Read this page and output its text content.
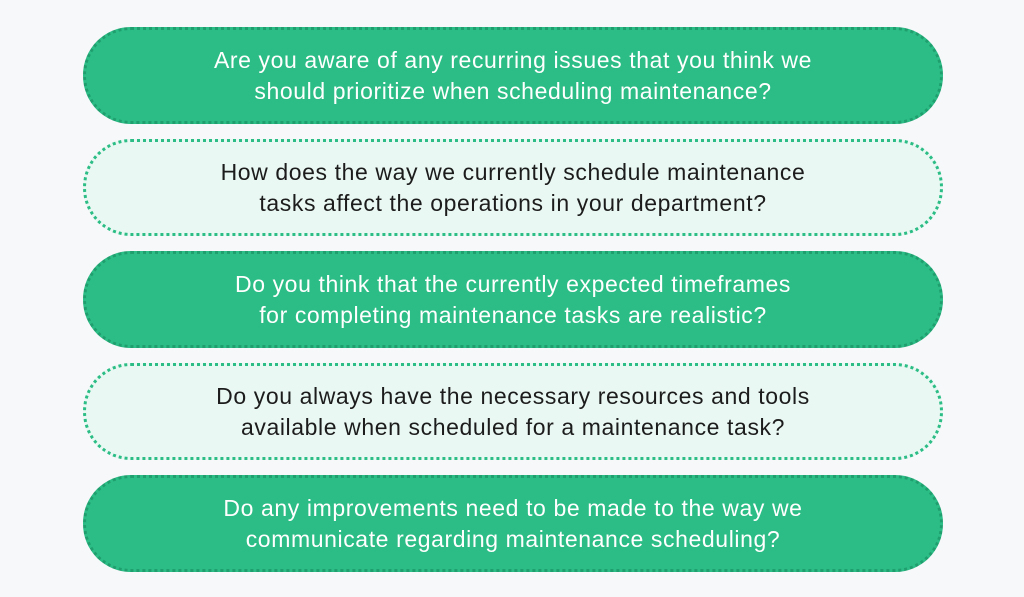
Are you aware of any recurring issues that you think we
should prioritize when scheduling maintenance?
How does the way we currently schedule maintenance
tasks affect the operations in your department?
Do you think that the currently expected timeframes
for completing maintenance tasks are realistic?
Do you always have the necessary resources and tools
available when scheduled for a maintenance task?
Do any improvements need to be made to the way we
communicate regarding maintenance scheduling?
